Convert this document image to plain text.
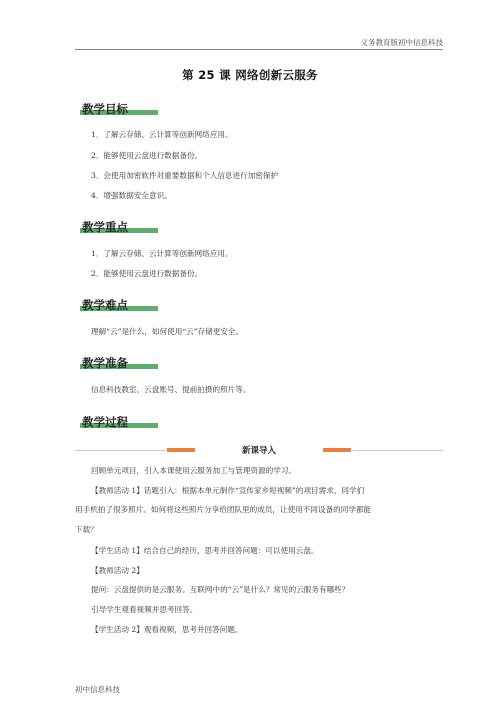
义务教育版初中信息科技
第 25 课 网络创新云服务
教学目标
1．了解云存储、云计算等创新网络应用。
2．能够使用云盘进行数据备份。
3．会使用加密软件对重要数据和个人信息进行加密保护
4．增强数据安全意识。
教学重点
1．了解云存储、云计算等创新网络应用。
2．能够使用云盘进行数据备份。
教学难点
理解“云”是什么，如何使用“云”存储更安全。
教学准备
信息科技教室、云盘账号、提前拍摄的照片等。
教学过程
新课导入
回顾单元项目，引入本课使用云服务加工与管理资源的学习。
【教师活动 1】话题引入：根据本单元制作“宣传家乡短视频”的项目需求，同学们
用手机拍了很多照片。如何将这些照片分享给团队里的成员，让使用不同设备的同学都能
下载？
【学生活动 1】结合自己的经历，思考并回答问题：可以使用云盘。
【教师活动 2】
提问：云盘提供的是云服务。互联网中的“云”是什么？常见的云服务有哪些？
引导学生观看视频并思考回答。
【学生活动 2】观看视频，思考并回答问题。
初中信息科技
